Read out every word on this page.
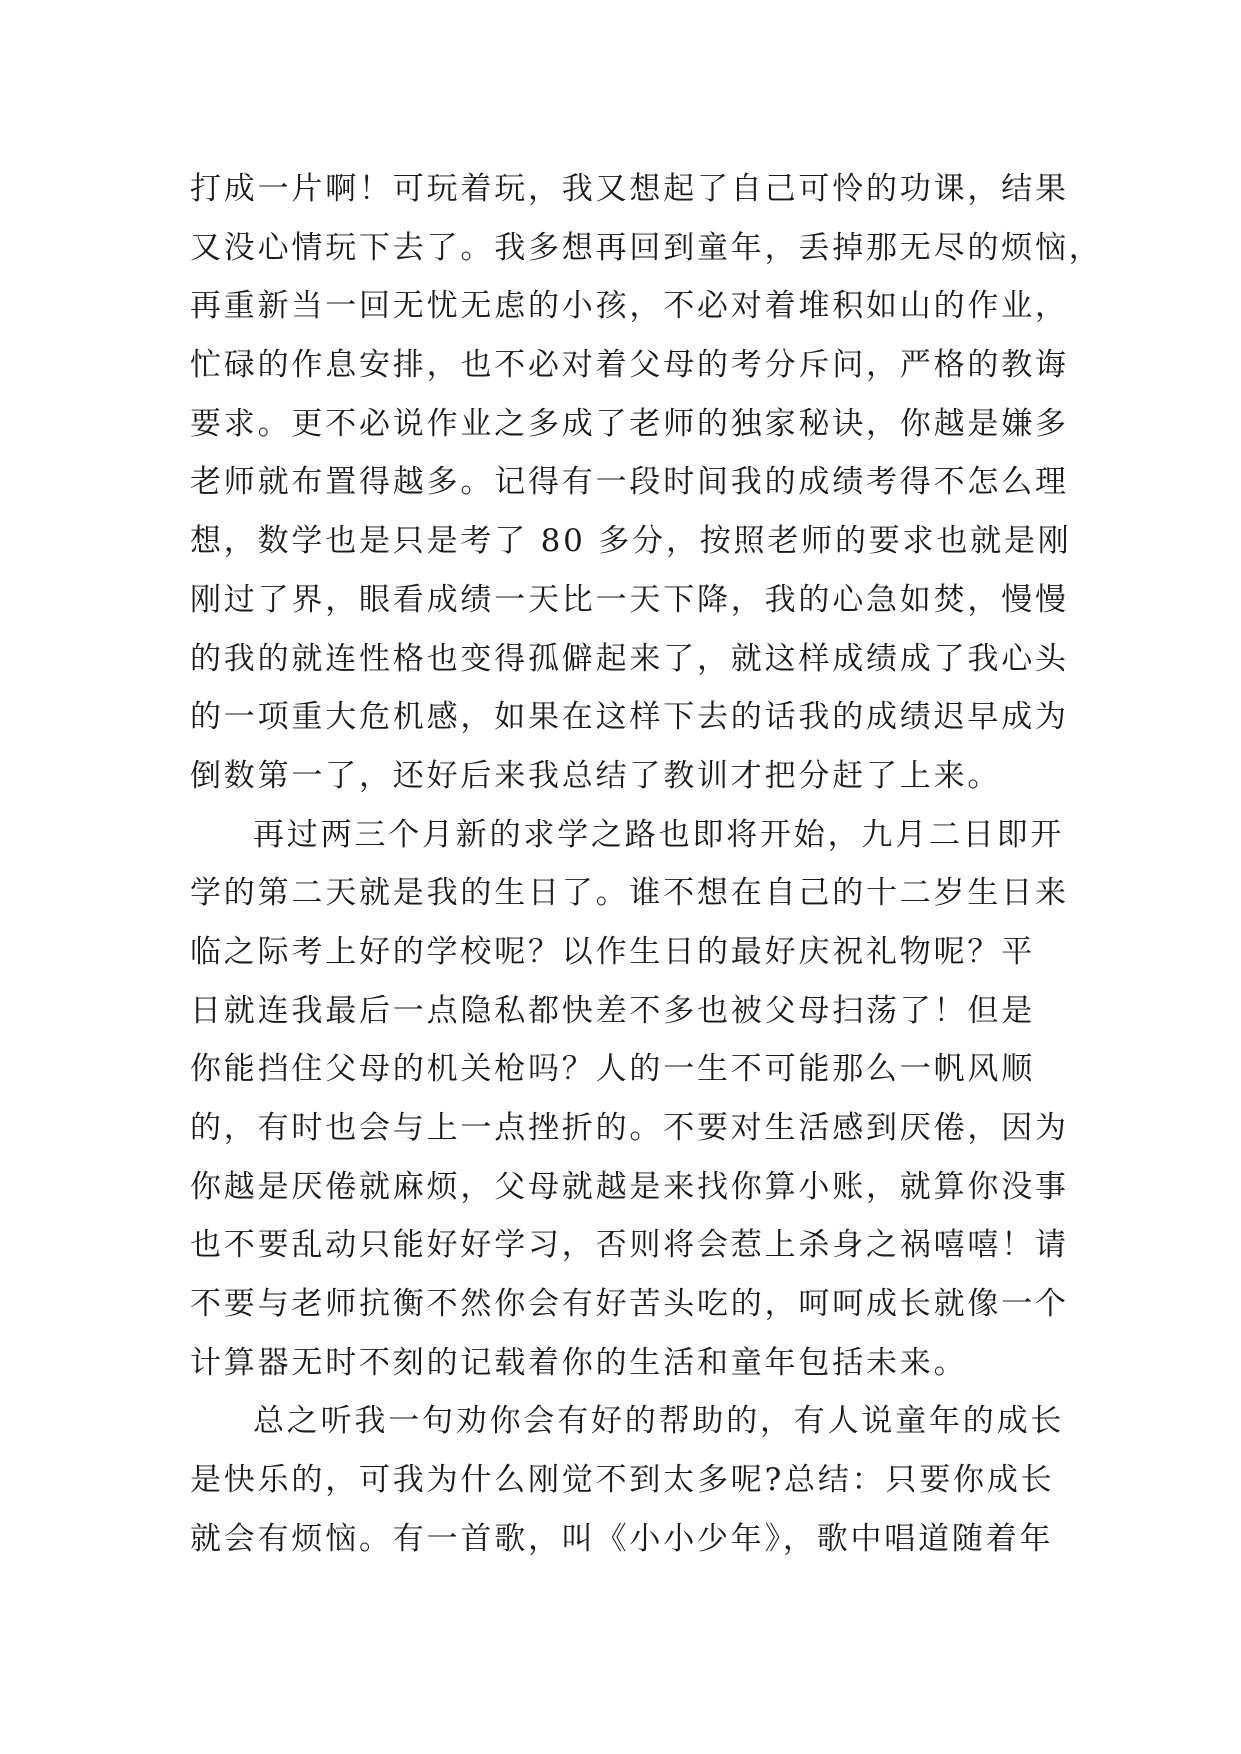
打成一片啊！可玩着玩，我又想起了自己可怜的功课，结果
又没心情玩下去了。我多想再回到童年，丢掉那无尽的烦恼，
再重新当一回无忧无虑的小孩，不必对着堆积如山的作业，
忙碌的作息安排，也不必对着父母的考分斥问，严格的教诲
要求。更不必说作业之多成了老师的独家秘诀，你越是嫌多
老师就布置得越多。记得有一段时间我的成绩考得不怎么理
想，数学也是只是考了 80 多分，按照老师的要求也就是刚
刚过了界，眼看成绩一天比一天下降，我的心急如焚，慢慢
的我的就连性格也变得孤僻起来了，就这样成绩成了我心头
的一项重大危机感，如果在这样下去的话我的成绩迟早成为
倒数第一了，还好后来我总结了教训才把分赶了上来。
再过两三个月新的求学之路也即将开始，九月二日即开
学的第二天就是我的生日了。谁不想在自己的十二岁生日来
临之际考上好的学校呢？以作生日的最好庆祝礼物呢？平
日就连我最后一点隐私都快差不多也被父母扫荡了！但是
你能挡住父母的机关枪吗？人的一生不可能那么一帆风顺
的，有时也会与上一点挫折的。不要对生活感到厌倦，因为
你越是厌倦就麻烦，父母就越是来找你算小账，就算你没事
也不要乱动只能好好学习，否则将会惹上杀身之祸嘻嘻！请
不要与老师抗衡不然你会有好苦头吃的，呵呵成长就像一个
计算器无时不刻的记载着你的生活和童年包括未来。
总之听我一句劝你会有好的帮助的，有人说童年的成长
是快乐的，可我为什么刚觉不到太多呢?总结：只要你成长
就会有烦恼。有一首歌，叫《小小少年》，歌中唱道随着年
